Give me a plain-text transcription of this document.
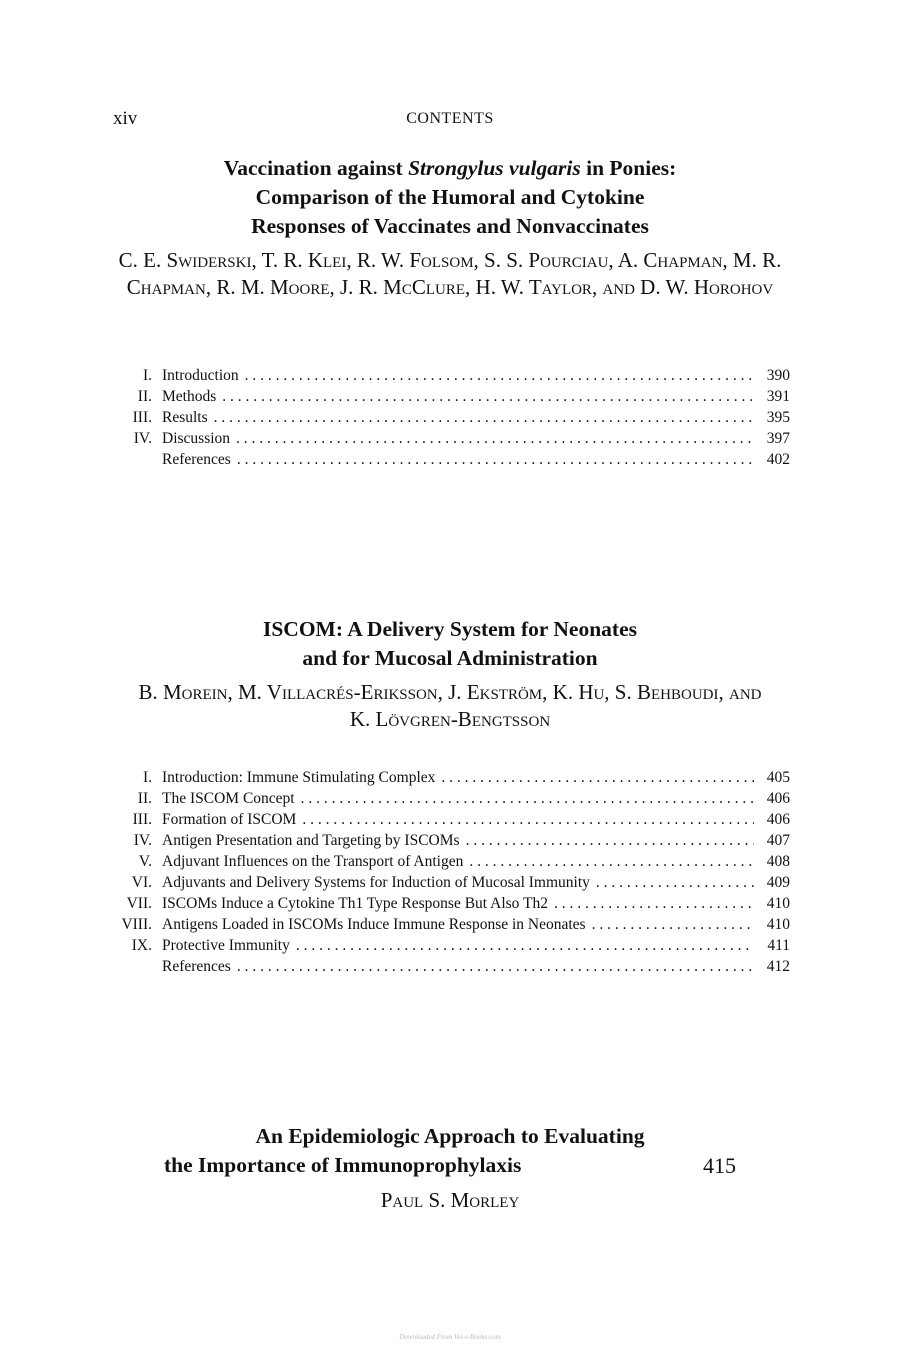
xiv	CONTENTS
Vaccination against Strongylus vulgaris in Ponies:
Comparison of the Humoral and Cytokine
Responses of Vaccinates and Nonvaccinates
C. E. Swiderski, T. R. Klei, R. W. Folsom, S. S. Pourciau, A. Chapman, M. R. Chapman, R. M. Moore, J. R. McClure, H. W. Taylor, and D. W. Horohov
I. Introduction . . .	390
II. Methods . . .	391
III. Results . . .	395
IV. Discussion . . .	397
References . . .	402
ISCOM: A Delivery System for Neonates
and for Mucosal Administration
B. Morein, M. Villacrés-Eriksson, J. Ekström, K. Hu, S. Behboudi, and K. Lövgren-Bengtsson
I. Introduction: Immune Stimulating Complex . . .	405
II. The ISCOM Concept . . .	406
III. Formation of ISCOM . . .	406
IV. Antigen Presentation and Targeting by ISCOMs . . .	407
V. Adjuvant Influences on the Transport of Antigen . . .	408
VI. Adjuvants and Delivery Systems for Induction of Mucosal Immunity . . .	409
VII. ISCOMs Induce a Cytokine Th1 Type Response But Also Th2 . . .	410
VIII. Antigens Loaded in ISCOMs Induce Immune Response in Neonates . . .	410
IX. Protective Immunity . . .	411
References . . .	412
An Epidemiologic Approach to Evaluating
the Importance of Immunoprophylaxis	415
Paul S. Morley
Downloaded From Vet-e-Books.com
